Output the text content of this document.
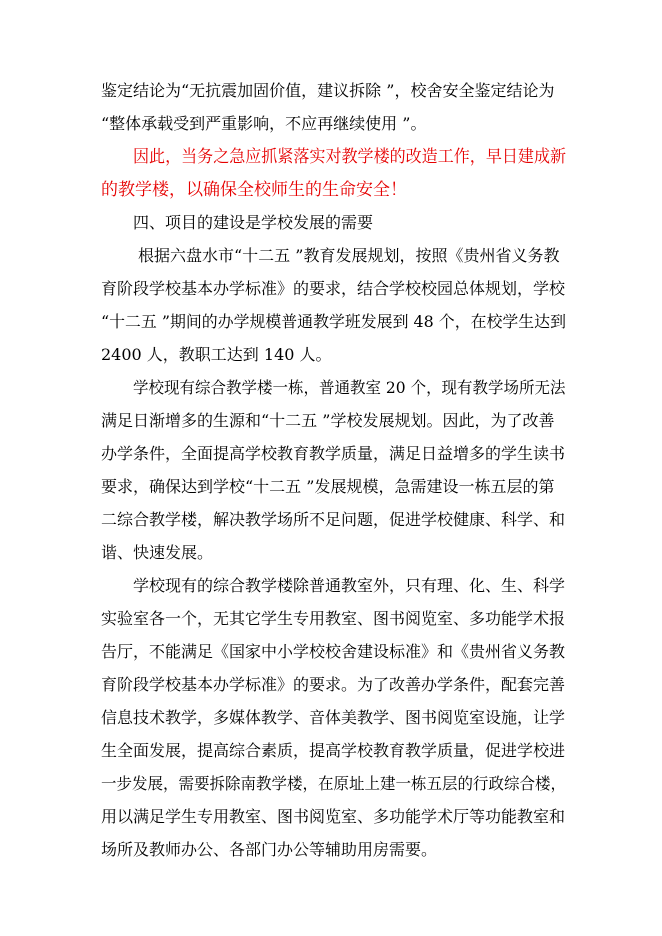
鉴定结论为“无抗震加固价值，建议拆除 ”，校舍安全鉴定结论为
“整体承载受到严重影响，不应再继续使用 ”。
因此，当务之急应抓紧落实对教学楼的改造工作，早日建成新
的教学楼，以确保全校师生的生命安全！
四、项目的建设是学校发展的需要
根据六盘水市“十二五 ”教育发展规划，按照《贵州省义务教
育阶段学校基本办学标准》的要求，结合学校校园总体规划，学校
“十二五 ”期间的办学规模普通教学班发展到 48 个，在校学生达到
2400 人，教职工达到 140 人。
学校现有综合教学楼一栋，普通教室 20 个，现有教学场所无法
满足日渐增多的生源和“十二五 ”学校发展规划。因此，为了改善
办学条件，全面提高学校教育教学质量，满足日益增多的学生读书
要求，确保达到学校“十二五 ”发展规模，急需建设一栋五层的第
二综合教学楼，解决教学场所不足问题，促进学校健康、科学、和
谐、快速发展。
学校现有的综合教学楼除普通教室外，只有理、化、生、科学
实验室各一个，无其它学生专用教室、图书阅览室、多功能学术报
告厅，不能满足《国家中小学校校舍建设标准》和《贵州省义务教
育阶段学校基本办学标准》的要求。为了改善办学条件，配套完善
信息技术教学，多媒体教学、音体美教学、图书阅览室设施，让学
生全面发展，提高综合素质，提高学校教育教学质量，促进学校进
一步发展，需要拆除南教学楼，在原址上建一栋五层的行政综合楼，
用以满足学生专用教室、图书阅览室、多功能学术厅等功能教室和
场所及教师办公、各部门办公等辅助用房需要。
